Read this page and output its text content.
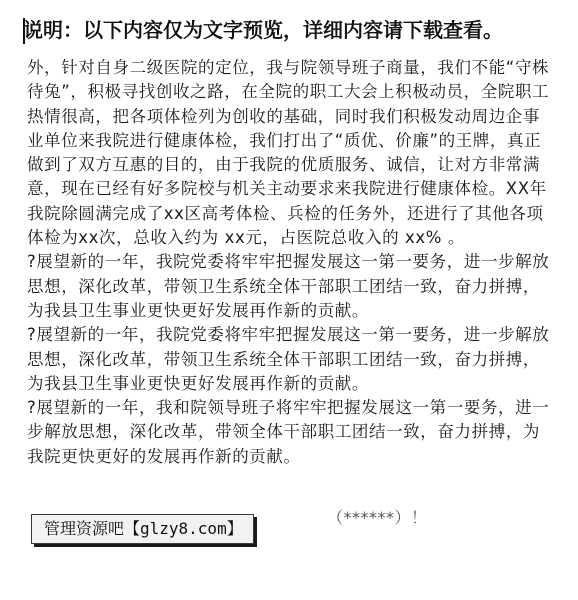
说明：以下内容仅为文字预览，详细内容请下载查看。

外，针对自身二级医院的定位，我与院领导班子商量，我们不能“守株待兔”，积极寻找创收之路，在全院的职工大会上积极动员，全院职工热情很高，把各项体检列为创收的基础，同时我们积极发动周边企事业单位来我院进行健康体检，我们打出了“质优、价廉”的王牌，真正做到了双方互惠的目的，由于我院的优质服务、诚信，让对方非常满意，现在已经有好多院校与机关主动要求来我院进行健康体检。XX年我院除圆满完成了xx区高考体检、兵检的任务外，还进行了其他各项体检为xx次，总收入约为 xx元，占医院总收入的 xx% 。

?展望新的一年，我院党委将牢牢把握发展这一第一要务，进一步解放思想，深化改革，带领卫生系统全体干部职工团结一致，奋力拼搏，为我县卫生事业更快更好发展再作新的贡献。

?展望新的一年，我院党委将牢牢把握发展这一第一要务，进一步解放思想，深化改革，带领卫生系统全体干部职工团结一致，奋力拼搏，为我县卫生事业更快更好发展再作新的贡献。

?展望新的一年，我和院领导班子将牢牢把握发展这一第一要务，进一步解放思想，深化改革，带领全体干部职工团结一致，奋力拼搏，为我院更快更好的发展再作新的贡献。

（******）！
管理资源吧【glzy8.com】
